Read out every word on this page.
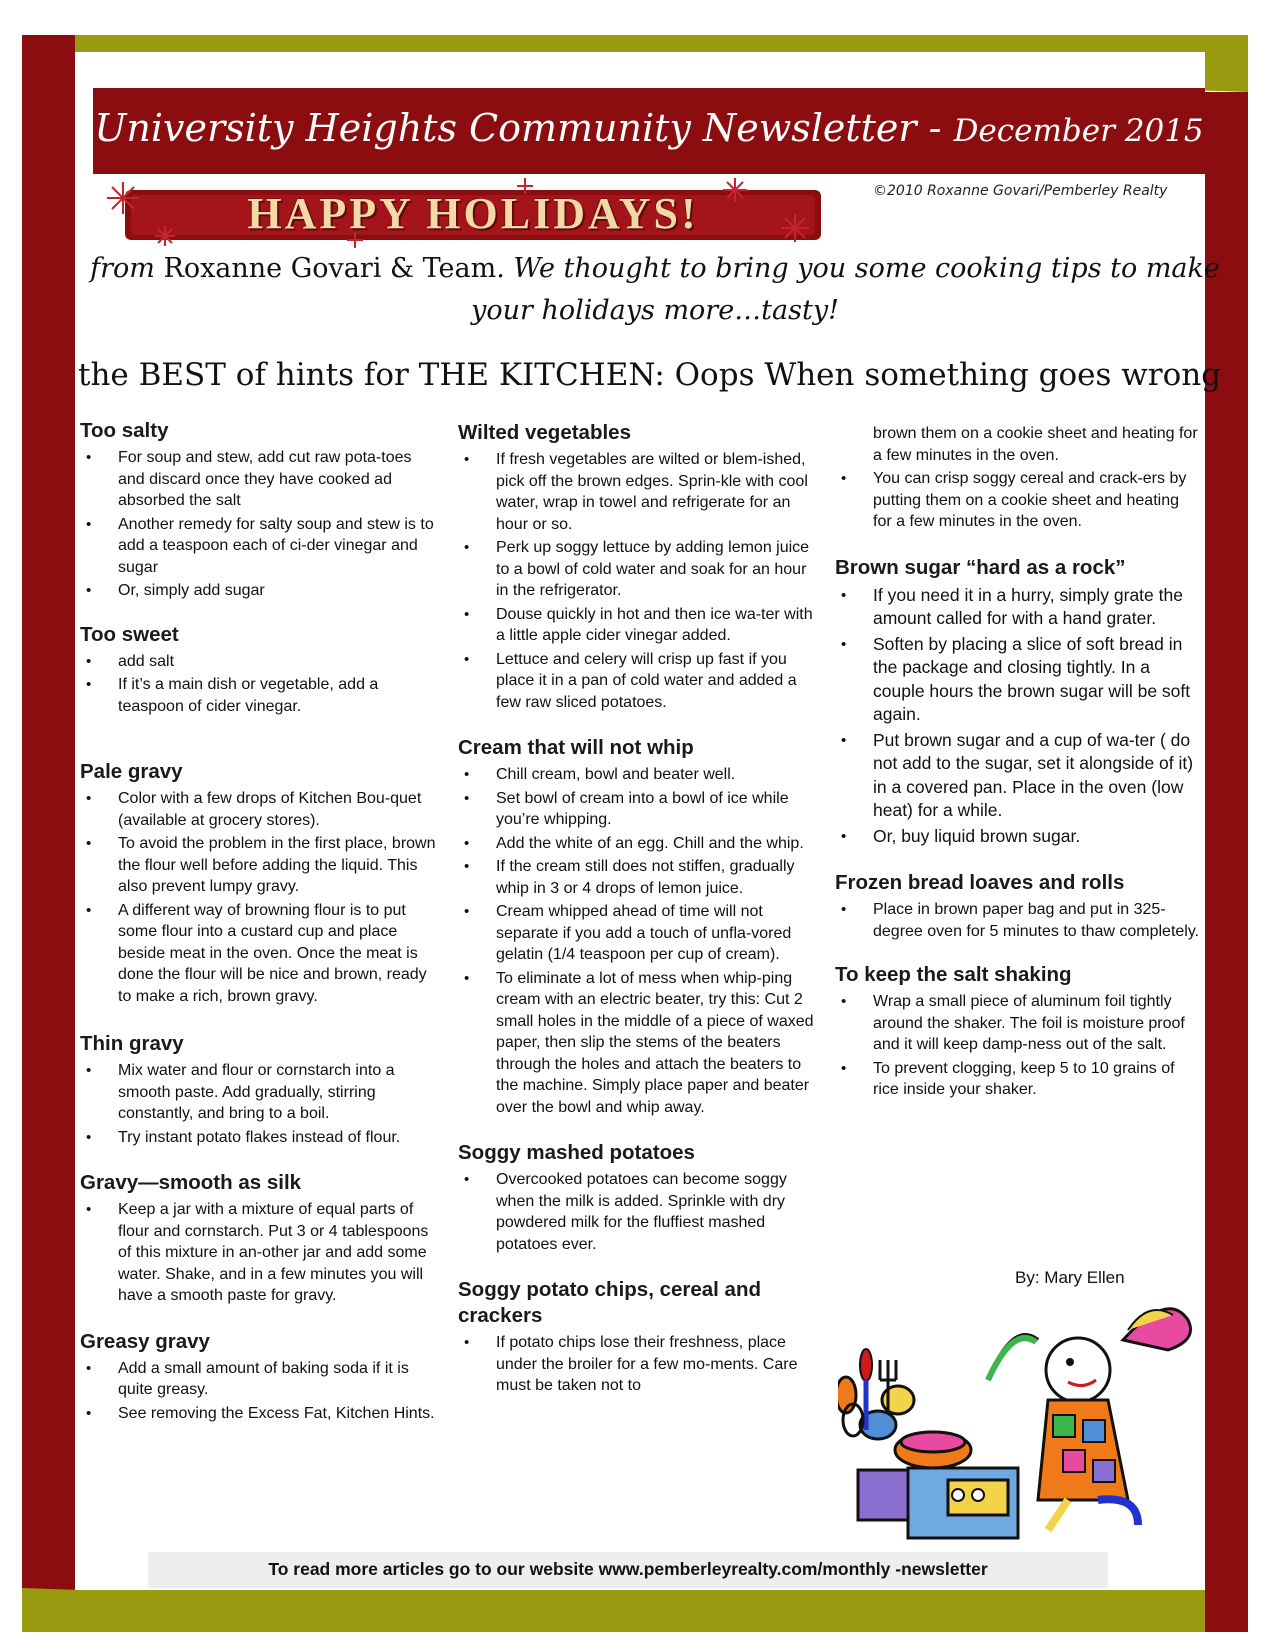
University Heights Community Newsletter - December 2015
HAPPY HOLIDAYS!	©2010 Roxanne Govari/Pemberley Realty
from Roxanne Govari & Team. We thought to bring you some cooking tips to make your holidays more…tasty!
the BEST of hints for THE KITCHEN: Oops When something goes wrong
Too salty
• For soup and stew, add cut raw pota-toes and discard once they have cooked ad absorbed the salt
• Another remedy for salty soup and stew is to add a teaspoon each of ci-der vinegar and sugar
• Or, simply add sugar
Too sweet
• add salt
• If it’s a main dish or vegetable, add a teaspoon of cider vinegar.
Pale gravy
• Color with a few drops of Kitchen Bou-quet (available at grocery stores).
• To avoid the problem in the first place, brown the flour well before adding the liquid. This also prevent lumpy gravy.
• A different way of browning flour is to put some flour into a custard cup and place beside meat in the oven. Once the meat is done the flour will be nice and brown, ready to make a rich, brown gravy.
Thin gravy
• Mix water and flour or cornstarch into a smooth paste. Add gradually, stirring constantly, and bring to a boil.
• Try instant potato flakes instead of flour.
Gravy—smooth as silk
• Keep a jar with a mixture of equal parts of flour and cornstarch. Put 3 or 4 tablespoons of this mixture in an-other jar and add some water. Shake, and in a few minutes you will have a smooth paste for gravy.
Greasy gravy
• Add a small amount of baking soda if it is quite greasy.
• See removing the Excess Fat, Kitchen Hints.
Wilted vegetables
• If fresh vegetables are wilted or blem-ished, pick off the brown edges. Sprin-kle with cool water, wrap in towel and refrigerate for an hour or so.
• Perk up soggy lettuce by adding lemon juice to a bowl of cold water and soak for an hour in the refrigerator.
• Douse quickly in hot and then ice wa-ter with a little apple cider vinegar added.
• Lettuce and celery will crisp up fast if you place it in a pan of cold water and added a few raw sliced potatoes.
Cream that will not whip
• Chill cream, bowl and beater well.
• Set bowl of cream into a bowl of ice while you’re whipping.
• Add the white of an egg. Chill and the whip.
• If the cream still does not stiffen, gradually whip in 3 or 4 drops of lemon juice.
• Cream whipped ahead of time will not separate if you add a touch of unfla-vored gelatin (1/4 teaspoon per cup of cream).
• To eliminate a lot of mess when whip-ping cream with an electric beater, try this: Cut 2 small holes in the middle of a piece of waxed paper, then slip the stems of the beaters through the holes and attach the beaters to the machine. Simply place paper and beater over the bowl and whip away.
Soggy mashed potatoes
• Overcooked potatoes can become soggy when the milk is added. Sprinkle with dry powdered milk for the fluffiest mashed potatoes ever.
Soggy potato chips, cereal and crackers
• If potato chips lose their freshness, place under the broiler for a few mo-ments. Care must be taken not to
brown them on a cookie sheet and heating for a few minutes in the oven.
• You can crisp soggy cereal and crack-ers by putting them on a cookie sheet and heating for a few minutes in the oven.
Brown sugar “hard as a rock”
• If you need it in a hurry, simply grate the amount called for with a hand grater.
• Soften by placing a slice of soft bread in the package and closing tightly. In a couple hours the brown sugar will be soft again.
• Put brown sugar and a cup of wa-ter ( do not add to the sugar, set it alongside of it) in a covered pan. Place in the oven (low heat) for a while.
• Or, buy liquid brown sugar.
Frozen bread loaves and rolls
• Place in brown paper bag and put in 325-degree oven for 5 minutes to thaw completely.
To keep the salt shaking
• Wrap a small piece of aluminum foil tightly around the shaker. The foil is moisture proof and it will keep damp-ness out of the salt.
• To prevent clogging, keep 5 to 10 grains of rice inside your shaker.
By: Mary Ellen
To read more articles go to our website www.pemberleyrealty.com/monthly -newsletter
